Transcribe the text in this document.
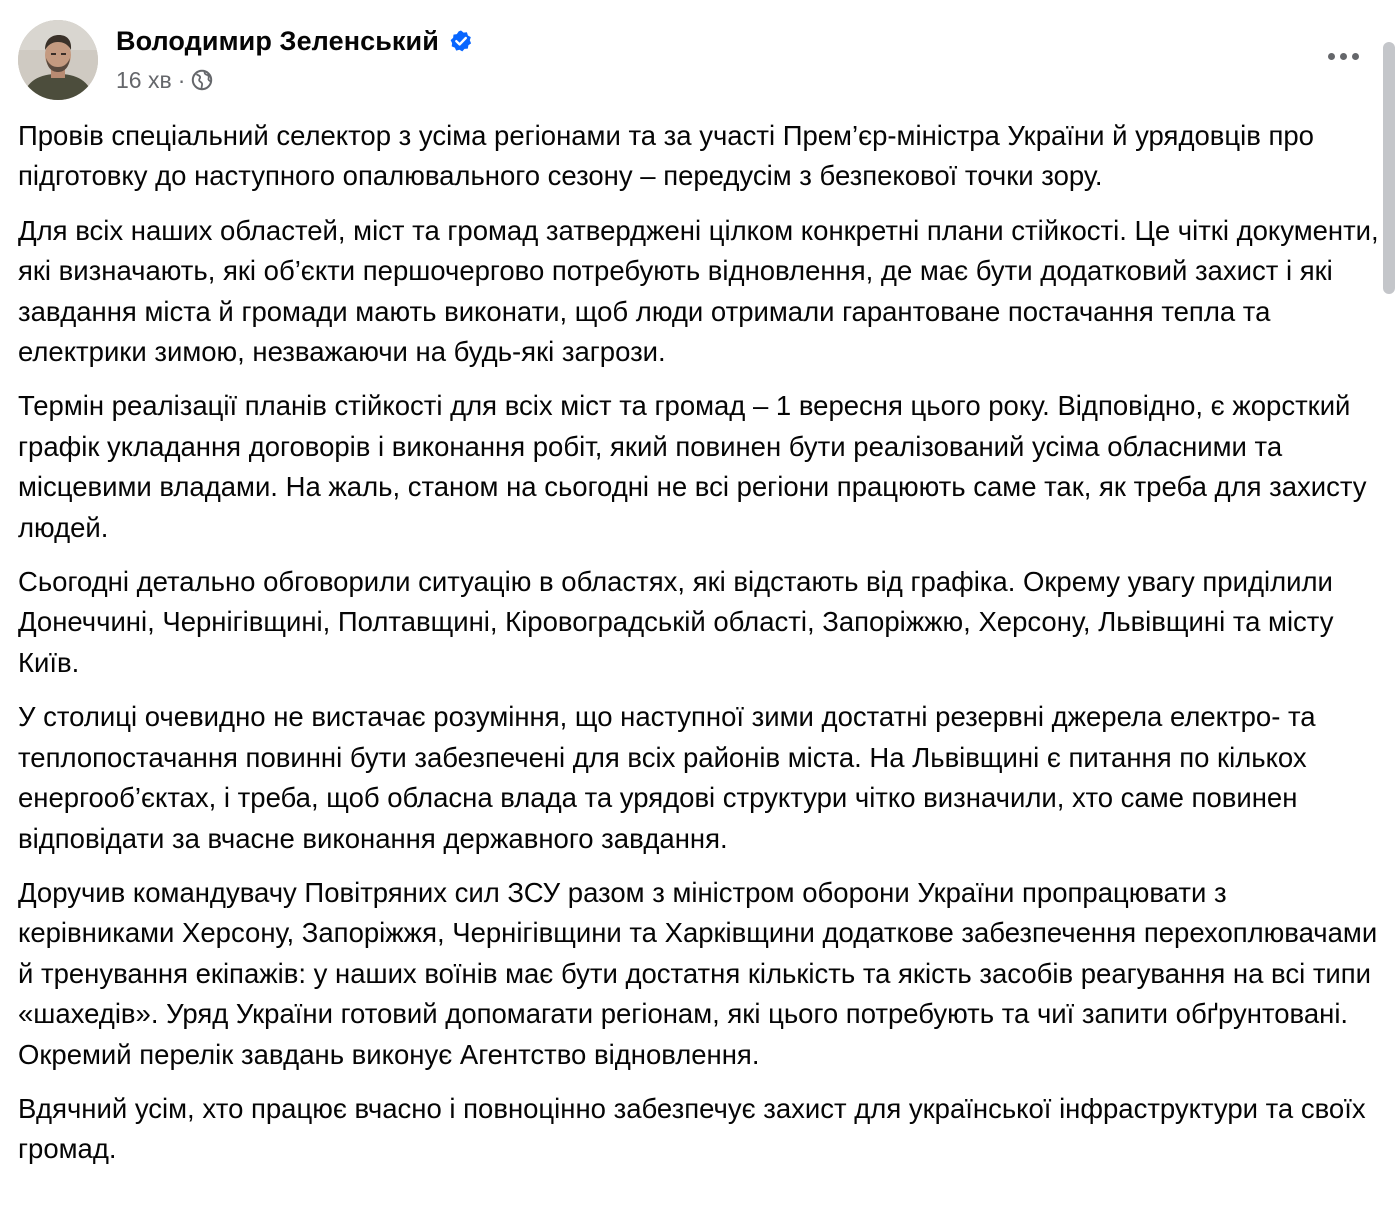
Володимир Зеленський
16 хв ·

Провів спеціальний селектор з усіма регіонами та за участі Прем’єр-міністра України й урядовців про підготовку до наступного опалювального сезону – передусім з безпекової точки зору.

Для всіх наших областей, міст та громад затверджені цілком конкретні плани стійкості. Це чіткі документи, які визначають, які об’єкти першочергово потребують відновлення, де має бути додатковий захист і які завдання міста й громади мають виконати, щоб люди отримали гарантоване постачання тепла та електрики зимою, незважаючи на будь-які загрози.

Термін реалізації планів стійкості для всіх міст та громад – 1 вересня цього року. Відповідно, є жорсткий графік укладання договорів і виконання робіт, який повинен бути реалізований усіма обласними та місцевими владами. На жаль, станом на сьогодні не всі регіони працюють саме так, як треба для захисту людей.

Сьогодні детально обговорили ситуацію в областях, які відстають від графіка. Окрему увагу приділили Донеччині, Чернігівщині, Полтавщині, Кіровоградській області, Запоріжжю, Херсону, Львівщині та місту Київ.

У столиці очевидно не вистачає розуміння, що наступної зими достатні резервні джерела електро- та теплопостачання повинні бути забезпечені для всіх районів міста. На Львівщині є питання по кількох енергооб’єктах, і треба, щоб обласна влада та урядові структури чітко визначили, хто саме повинен відповідати за вчасне виконання державного завдання.

Доручив командувачу Повітряних сил ЗСУ разом з міністром оборони України пропрацювати з керівниками Херсону, Запоріжжя, Чернігівщини та Харківщини додаткове забезпечення перехоплювачами й тренування екіпажів: у наших воїнів має бути достатня кількість та якість засобів реагування на всі типи «шахедів». Уряд України готовий допомагати регіонам, які цього потребують та чиї запити обґрунтовані. Окремий перелік завдань виконує Агентство відновлення.

Вдячний усім, хто працює вчасно і повноцінно забезпечує захист для української інфраструктури та своїх громад.
